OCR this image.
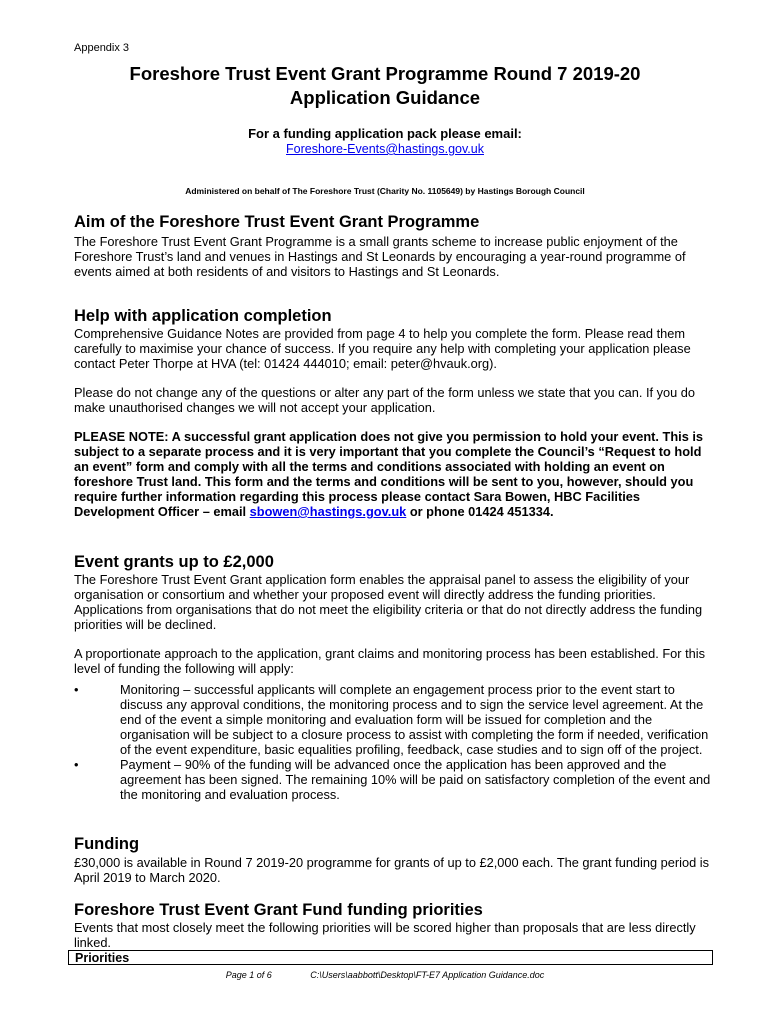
Appendix 3
Foreshore Trust Event Grant Programme Round 7 2019-20
Application Guidance
For a funding application pack please email:
Foreshore-Events@hastings.gov.uk
Administered on behalf of The Foreshore Trust (Charity No. 1105649) by Hastings Borough Council
Aim of the Foreshore Trust Event Grant Programme

The Foreshore Trust Event Grant Programme is a small grants scheme to increase public enjoyment of the Foreshore Trust’s land and venues in Hastings and St Leonards by encouraging a year-round programme of events aimed at both residents of and visitors to Hastings and St Leonards.

Help with application completion

Comprehensive Guidance Notes are provided from page 4 to help you complete the form. Please read them carefully to maximise your chance of success. If you require any help with completing your application please contact Peter Thorpe at HVA (tel: 01424 444010; email: peter@hvauk.org).

Please do not change any of the questions or alter any part of the form unless we state that you can. If you do make unauthorised changes we will not accept your application.

PLEASE NOTE: A successful grant application does not give you permission to hold your event. This is subject to a separate process and it is very important that you complete the Council’s “Request to hold an event” form and comply with all the terms and conditions associated with holding an event on foreshore Trust land. This form and the terms and conditions will be sent to you, however, should you require further information regarding this process please contact Sara Bowen, HBC Facilities Development Officer – email sbowen@hastings.gov.uk or phone 01424 451334.

Event grants up to £2,000

The Foreshore Trust Event Grant application form enables the appraisal panel to assess the eligibility of your organisation or consortium and whether your proposed event will directly address the funding priorities. Applications from organisations that do not meet the eligibility criteria or that do not directly address the funding priorities will be declined.

A proportionate approach to the application, grant claims and monitoring process has been established. For this level of funding the following will apply:

•	Monitoring – successful applicants will complete an engagement process prior to the event start to discuss any approval conditions, the monitoring process and to sign the service level agreement. At the end of the event a simple monitoring and evaluation form will be issued for completion and the organisation will be subject to a closure process to assist with completing the form if needed, verification of the event expenditure, basic equalities profiling, feedback, case studies and to sign off of the project.
•	Payment – 90% of the funding will be advanced once the application has been approved and the agreement has been signed. The remaining 10% will be paid on satisfactory completion of the event and the monitoring and evaluation process.
Funding

£30,000 is available in Round 7 2019-20 programme for grants of up to £2,000 each. The grant funding period is April 2019 to March 2020.

Foreshore Trust Event Grant Fund funding priorities

Events that most closely meet the following priorities will be scored higher than proposals that are less directly linked.

Priorities
Page 1 of 6	C:\Users\aabbott\Desktop\FT-E7 Application Guidance.doc
